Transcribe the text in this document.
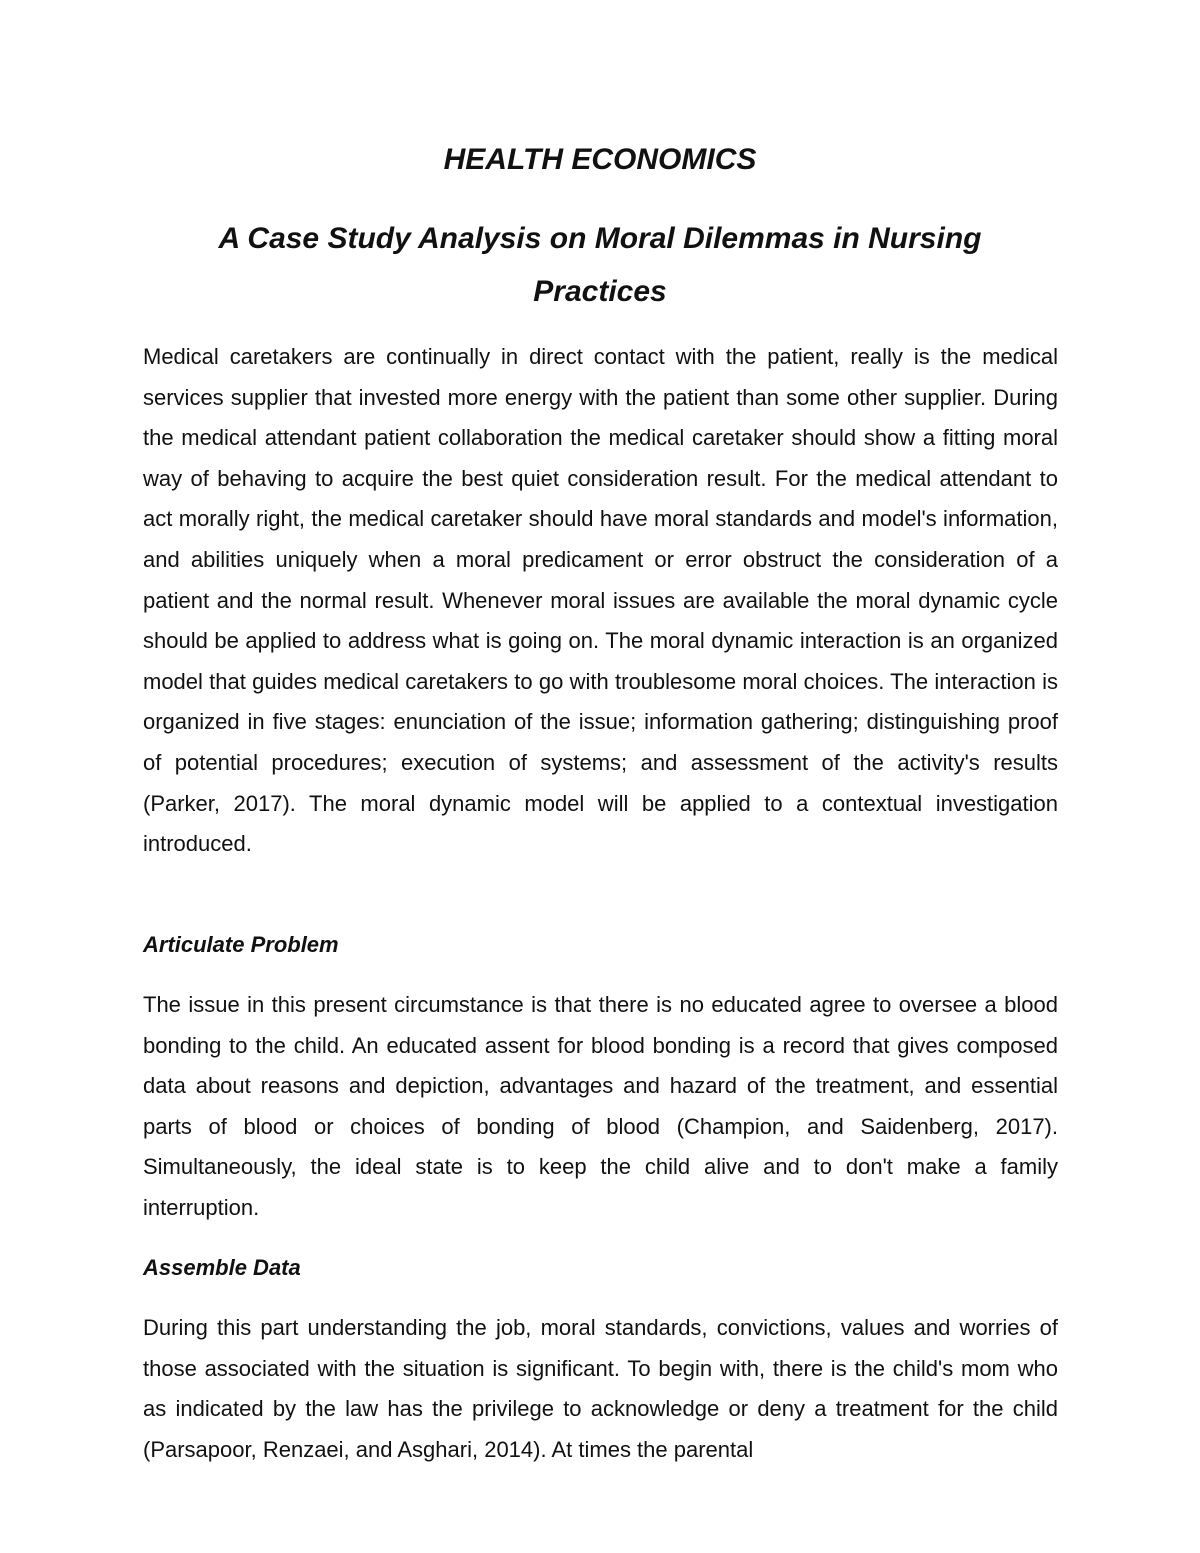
HEALTH ECONOMICS
A Case Study Analysis on Moral Dilemmas in Nursing Practices

Medical caretakers are continually in direct contact with the patient, really is the medical services supplier that invested more energy with the patient than some other supplier. During the medical attendant patient collaboration the medical caretaker should show a fitting moral way of behaving to acquire the best quiet consideration result. For the medical attendant to act morally right, the medical caretaker should have moral standards and model's information, and abilities uniquely when a moral predicament or error obstruct the consideration of a patient and the normal result. Whenever moral issues are available the moral dynamic cycle should be applied to address what is going on. The moral dynamic interaction is an organized model that guides medical caretakers to go with troublesome moral choices. The interaction is organized in five stages: enunciation of the issue; information gathering; distinguishing proof of potential procedures; execution of systems; and assessment of the activity's results (Parker, 2017). The moral dynamic model will be applied to a contextual investigation introduced.

Articulate Problem

The issue in this present circumstance is that there is no educated agree to oversee a blood bonding to the child. An educated assent for blood bonding is a record that gives composed data about reasons and depiction, advantages and hazard of the treatment, and essential parts of blood or choices of bonding of blood (Champion, and Saidenberg, 2017). Simultaneously, the ideal state is to keep the child alive and to don't make a family interruption.

Assemble Data

During this part understanding the job, moral standards, convictions, values and worries of those associated with the situation is significant. To begin with, there is the child's mom who as indicated by the law has the privilege to acknowledge or deny a treatment for the child (Parsapoor, Renzaei, and Asghari, 2014). At times the parental
